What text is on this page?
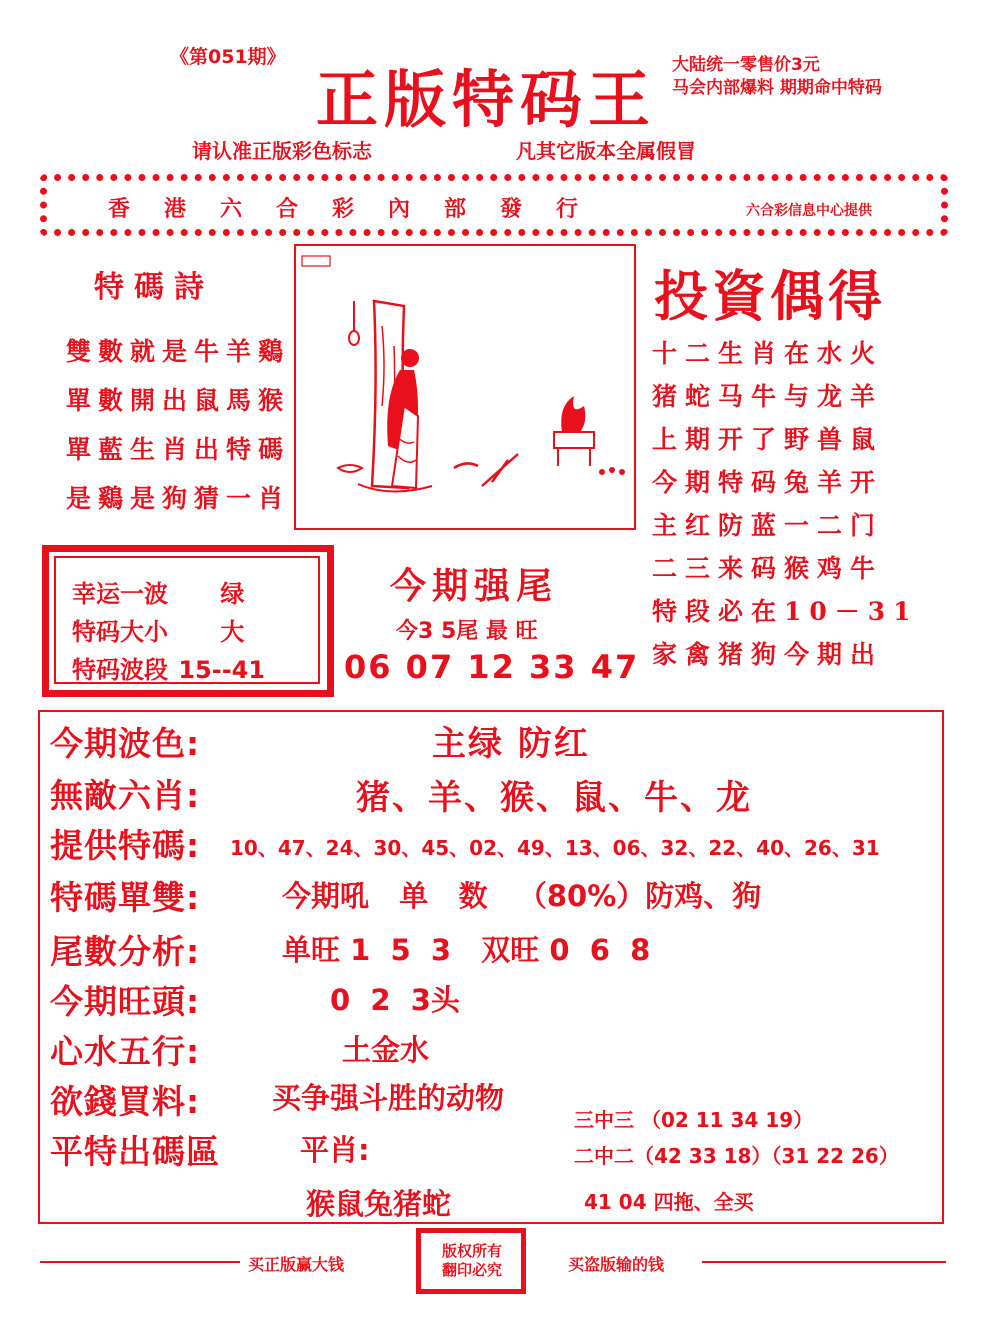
《第051期》
正版特码王 大陆统一零售价3元
马会内部爆料 期期命中特码
请认准正版彩色标志	凡其它版本全属假冒
香港六合彩內部發行	六合彩信息中心提供
特碼詩
雙數就是牛羊鷄
單數開出鼠馬猴
單藍生肖出特碼
是鷄是狗猜一肖
投資偶得
十二生肖在水火
猪蛇马牛与龙羊
上期开了野兽鼠
今期特码兔羊开
主红防蓝一二门
二三来码猴鸡牛
特段必在10－31
家禽猪狗今期出
幸运一波 绿
特码大小 大
特码波段 15--41
今期强尾
今3 5尾 最 旺
06 07 12 33 47
今期波色:	主绿 防红
無敵六肖:	猪、羊、猴、鼠、牛、龙
提供特碼: 10、47、24、30、45、02、49、13、06、32、22、40、26、31
特碼單雙:	今期吼   单   数   （80%）防鸡、狗
尾數分析:	单旺 1  5  3   双旺 0  6  8
今期旺頭:	0  2  3头
心水五行:	土金水
欲錢買料: 买争强斗胜的动物
平特出碼區	平肖:
猴鼠兔猪蛇
三中三 （02 11 34 19）
二中二（42 33 18）（31 22 26）
41 04 四拖、全买
买正版赢大钱
版权所有
翻印必究	买盗版输的钱
